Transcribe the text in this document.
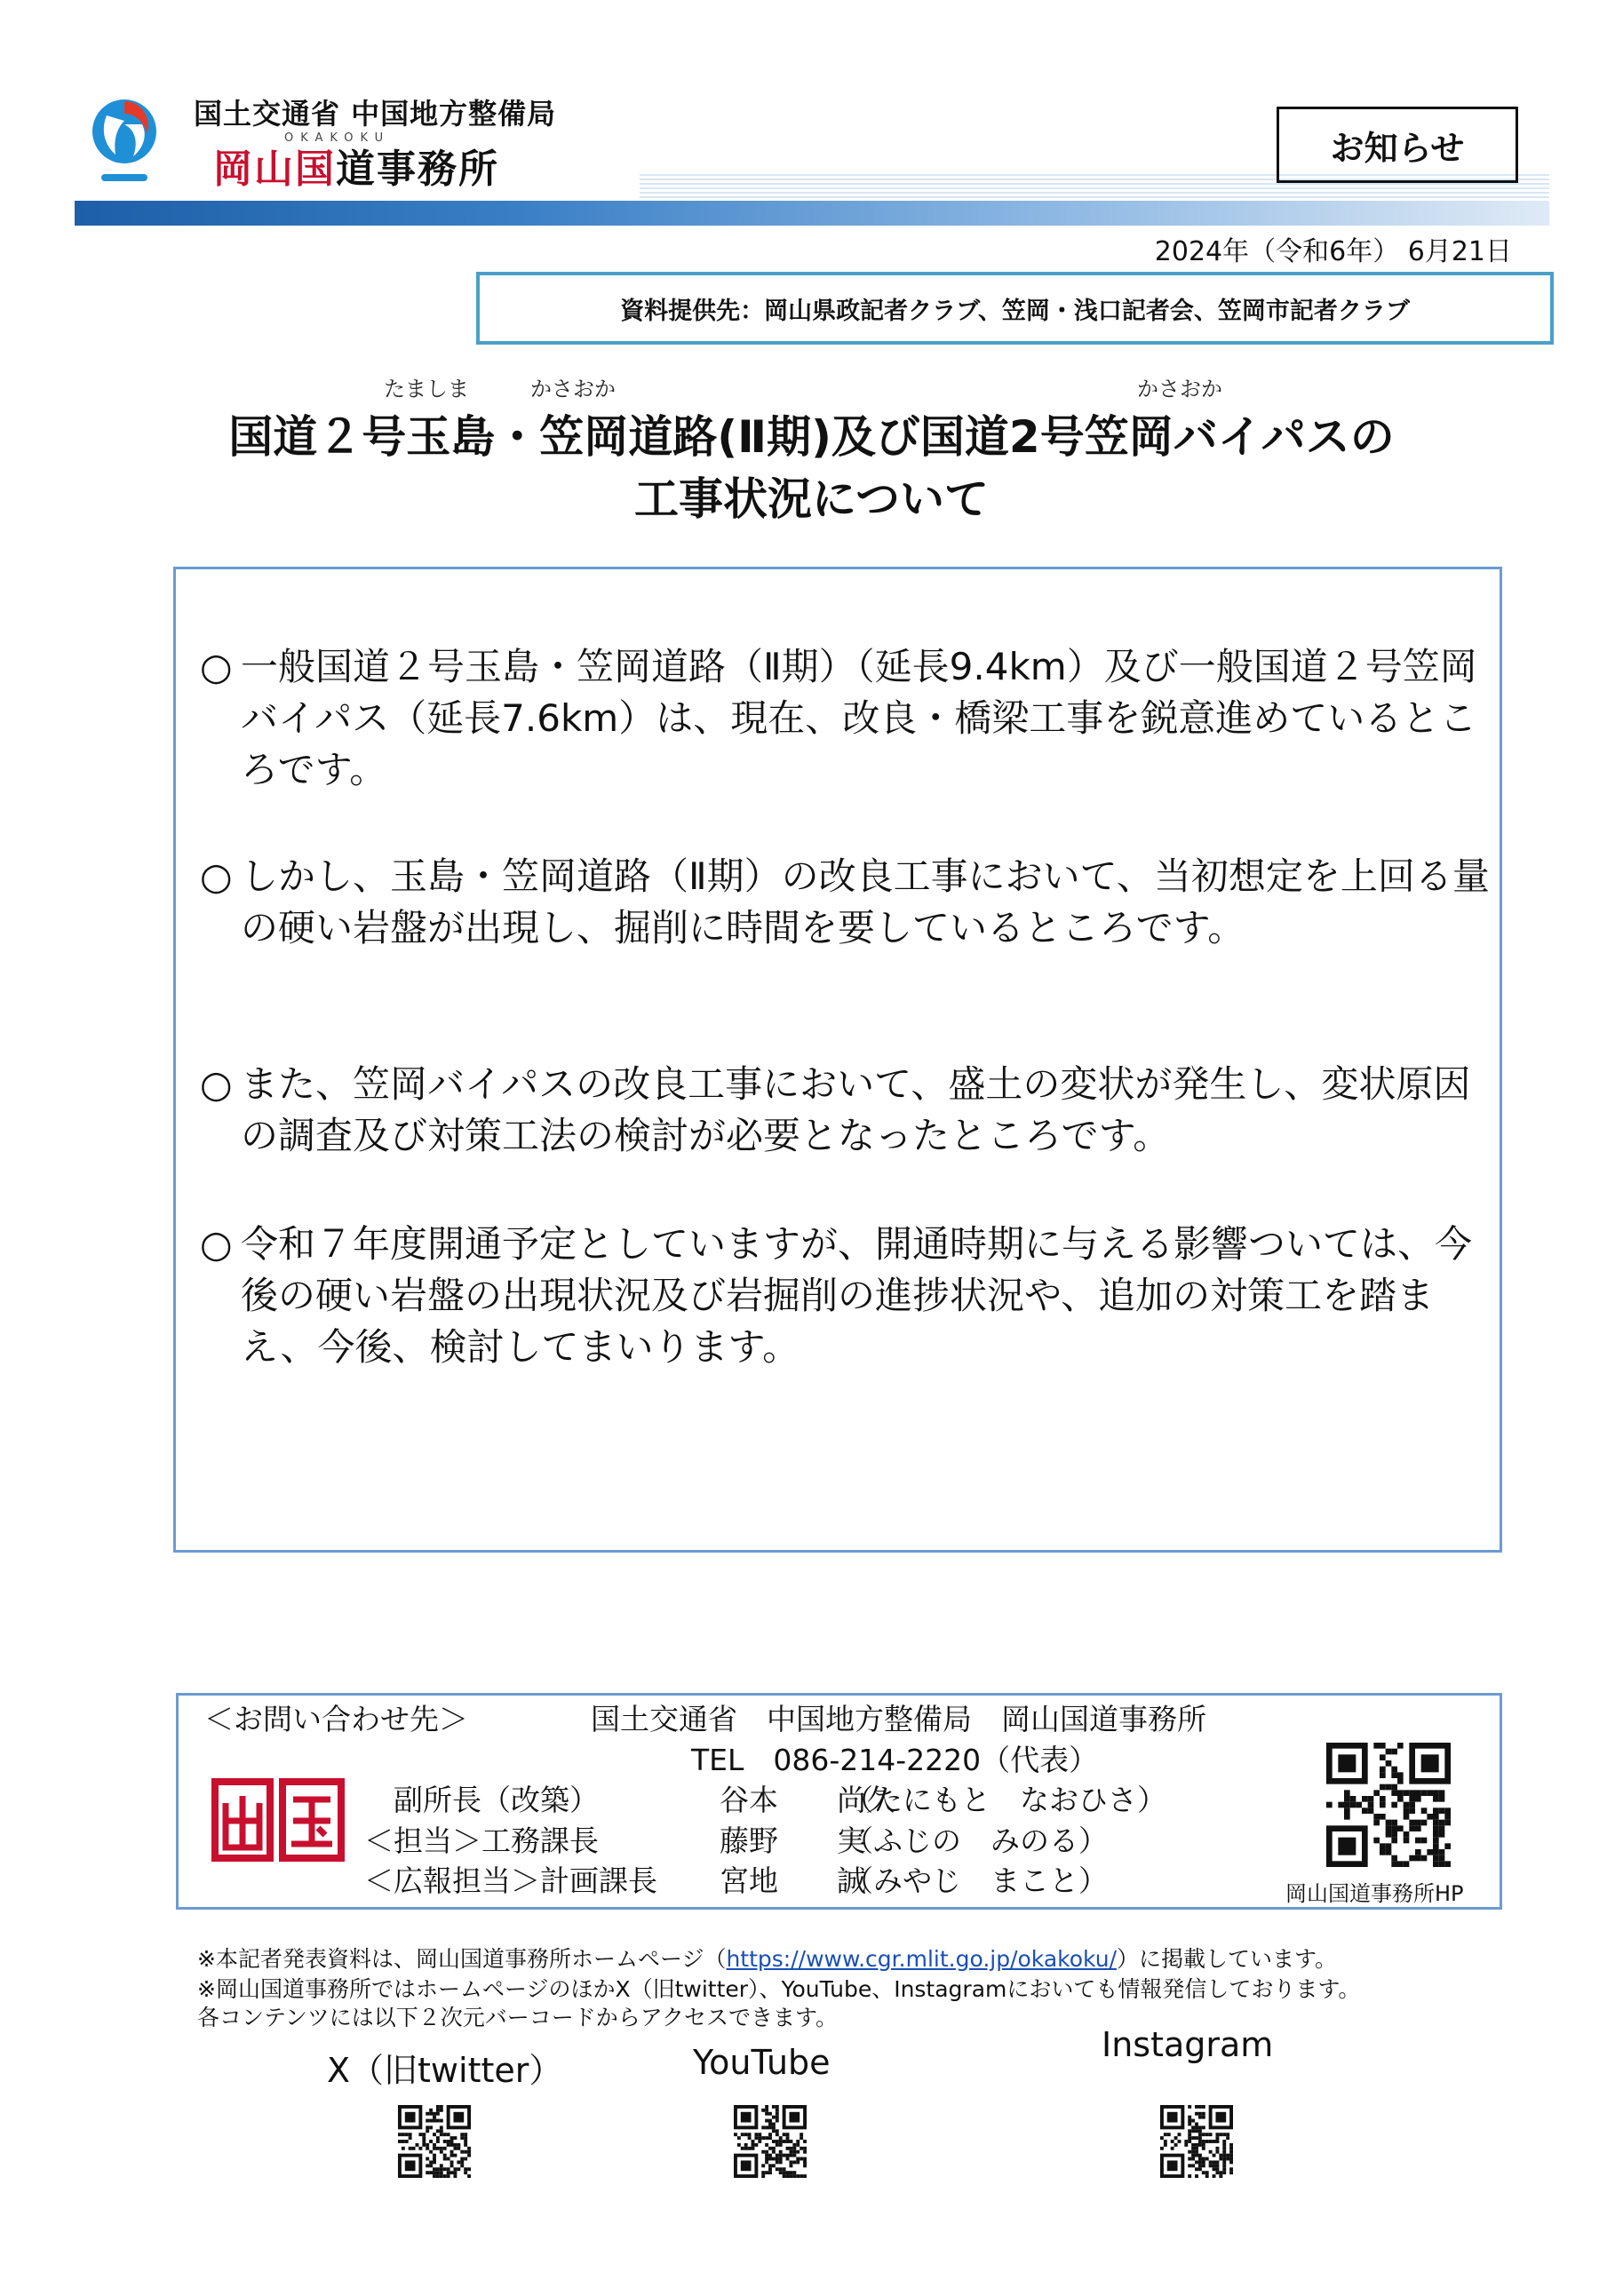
国土交通省 中国地方整備局
OKAKOKU
岡山国道事務所	お知らせ
2024年（令和6年） 6月21日
資料提供先：岡山県政記者クラブ、笠岡・浅口記者会、笠岡市記者クラブ
たましま	かさおか	かさおか
国道２号玉島・笠岡道路(Ⅱ期)及び国道2号笠岡バイパスの
工事状況について
○ 一般国道２号玉島・笠岡道路（Ⅱ期）（延長9.4km）及び一般国道２号笠岡バイパス（延長7.6km）は、現在、改良・橋梁工事を鋭意進めているところです。
○ しかし、玉島・笠岡道路（Ⅱ期）の改良工事において、当初想定を上回る量の硬い岩盤が出現し、掘削に時間を要しているところです。
○ また、笠岡バイパスの改良工事において、盛土の変状が発生し、変状原因の調査及び対策工法の検討が必要となったところです。
○ 令和７年度開通予定としていますが、開通時期に与える影響ついては、今後の硬い岩盤の出現状況及び岩掘削の進捗状況や、追加の対策工を踏まえ、今後、検討してまいります。
＜お問い合わせ先＞	国土交通省　中国地方整備局　岡山国道事務所
TEL　086-214-2220（代表）
副所長（改築）	谷本　　尚久
（たにもと　なおひさ）
＜担当＞工務課長	藤野　　実
（ふじの　みのる）
＜広報担当＞計画課長 宮地　　誠
（みやじ　まこと）	岡山国道事務所HP
※本記者発表資料は、岡山国道事務所ホームページ（https://www.cgr.mlit.go.jp/okakoku/）に掲載しています。
※岡山国道事務所ではホームページのほかX（旧twitter）、YouTube、Instagramにおいても情報発信しております。
各コンテンツには以下２次元バーコードからアクセスできます。
X（旧twitter）	YouTube	Instagram
